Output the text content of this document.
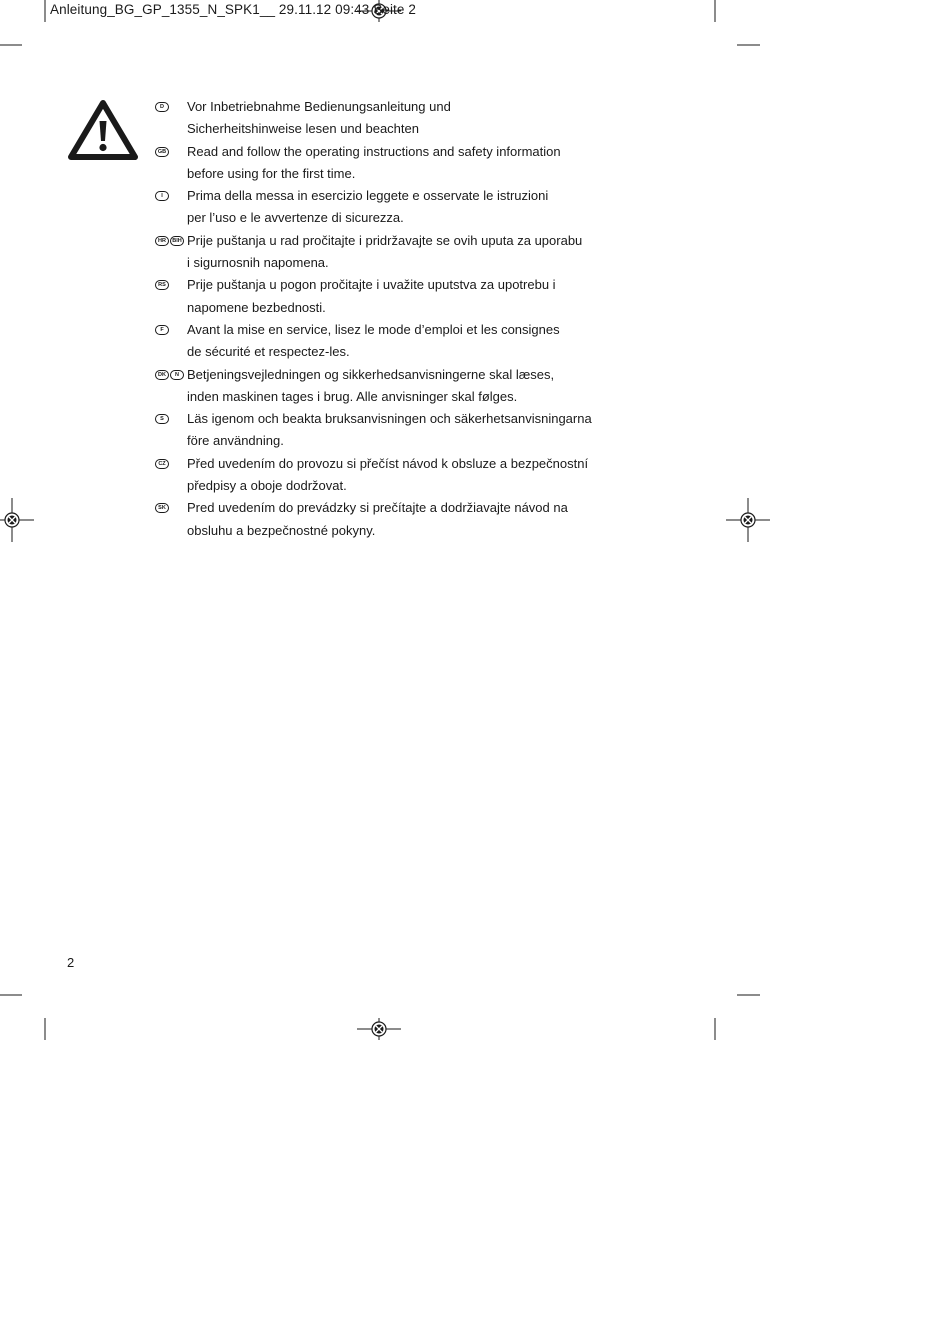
Anleitung_BG_GP_1355_N_SPK1__ 29.11.12 09:43 Seite 2
D	Vor Inbetriebnahme Bedienungsanleitung und
Sicherheitshinweise lesen und beachten
GB Read and follow the operating instructions and safety information
before using for the first time.
I	Prima della messa in esercizio leggete e osservate le istruzioni
per l’uso e le avvertenze di sicurezza.
HR	BIH Prije puštanja u rad pročitajte i pridržavajte se ovih uputa za uporabu
i sigurnosnih napomena.
RS Prije puštanja u pogon pročitajte i uvažite uputstva za upotrebu i
napomene bezbednosti.
F	Avant la mise en service, lisez le mode d’emploi et les consignes
de sécurité et respectez-les.
DK	N Betjeningsvejledningen og sikkerhedsanvisningerne skal læses,
inden maskinen tages i brug. Alle anvisninger skal følges.
S	Läs igenom och beakta bruksanvisningen och säkerhetsanvisningarna
före användning.
CZ Před uvedením do provozu si přečíst návod k obsluze a bezpečnostní
předpisy a oboje dodržovat.
SK Pred uvedením do prevádzky si prečítajte a dodržiavajte návod na
obsluhu a bezpečnostné pokyny.
2
